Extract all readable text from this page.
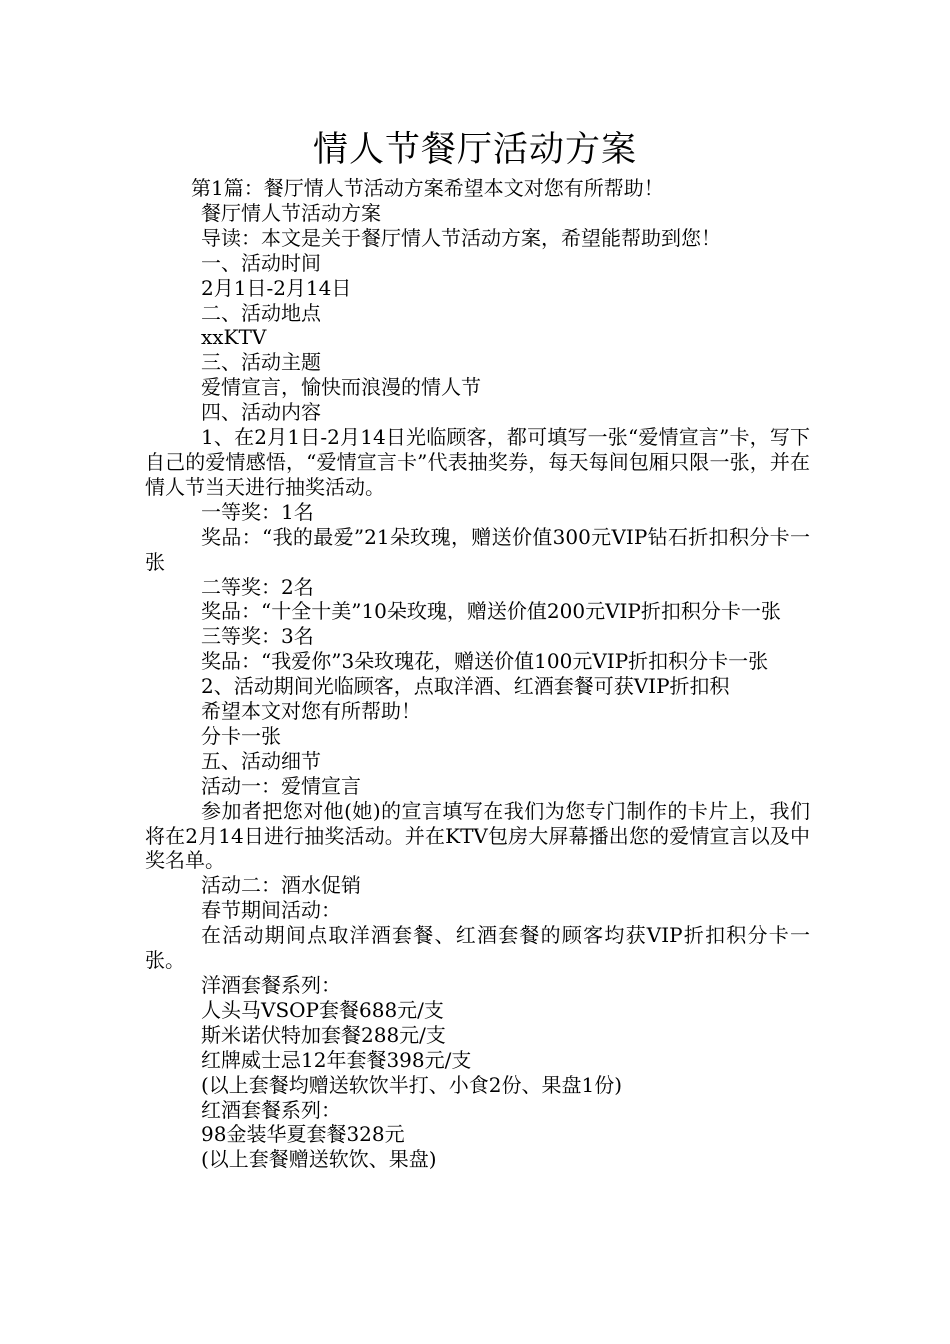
情人节餐厅活动方案
第1篇：餐厅情人节活动方案希望本文对您有所帮助！
餐厅情人节活动方案
导读：本文是关于餐厅情人节活动方案，希望能帮助到您！
一、活动时间
2月1日-2月14日
二、活动地点
xxKTV
三、活动主题
爱情宣言，愉快而浪漫的情人节
四、活动内容
1、在2月1日-2月14日光临顾客，都可填写一张“爱情宣言”卡，写下自己的爱情感悟，“爱情宣言卡”代表抽奖券，每天每间包厢只限一张，并在情人节当天进行抽奖活动。
一等奖：1名
奖品：“我的最爱”21朵玫瑰，赠送价值300元VIP钻石折扣积分卡一张
二等奖：2名
奖品：“十全十美”10朵玫瑰，赠送价值200元VIP折扣积分卡一张
三等奖：3名
奖品：“我爱你”3朵玫瑰花，赠送价值100元VIP折扣积分卡一张
2、活动期间光临顾客，点取洋酒、红酒套餐可获VIP折扣积
希望本文对您有所帮助！
分卡一张
五、活动细节
活动一：爱情宣言
参加者把您对他(她)的宣言填写在我们为您专门制作的卡片上，我们将在2月14日进行抽奖活动。并在KTV包房大屏幕播出您的爱情宣言以及中奖名单。
活动二：酒水促销
春节期间活动：
在活动期间点取洋酒套餐、红酒套餐的顾客均获VIP折扣积分卡一张。
洋酒套餐系列：
人头马VSOP套餐688元/支
斯米诺伏特加套餐288元/支
红牌威士忌12年套餐398元/支
(以上套餐均赠送软饮半打、小食2份、果盘1份)
红酒套餐系列：
98金装华夏套餐328元
(以上套餐赠送软饮、果盘)
